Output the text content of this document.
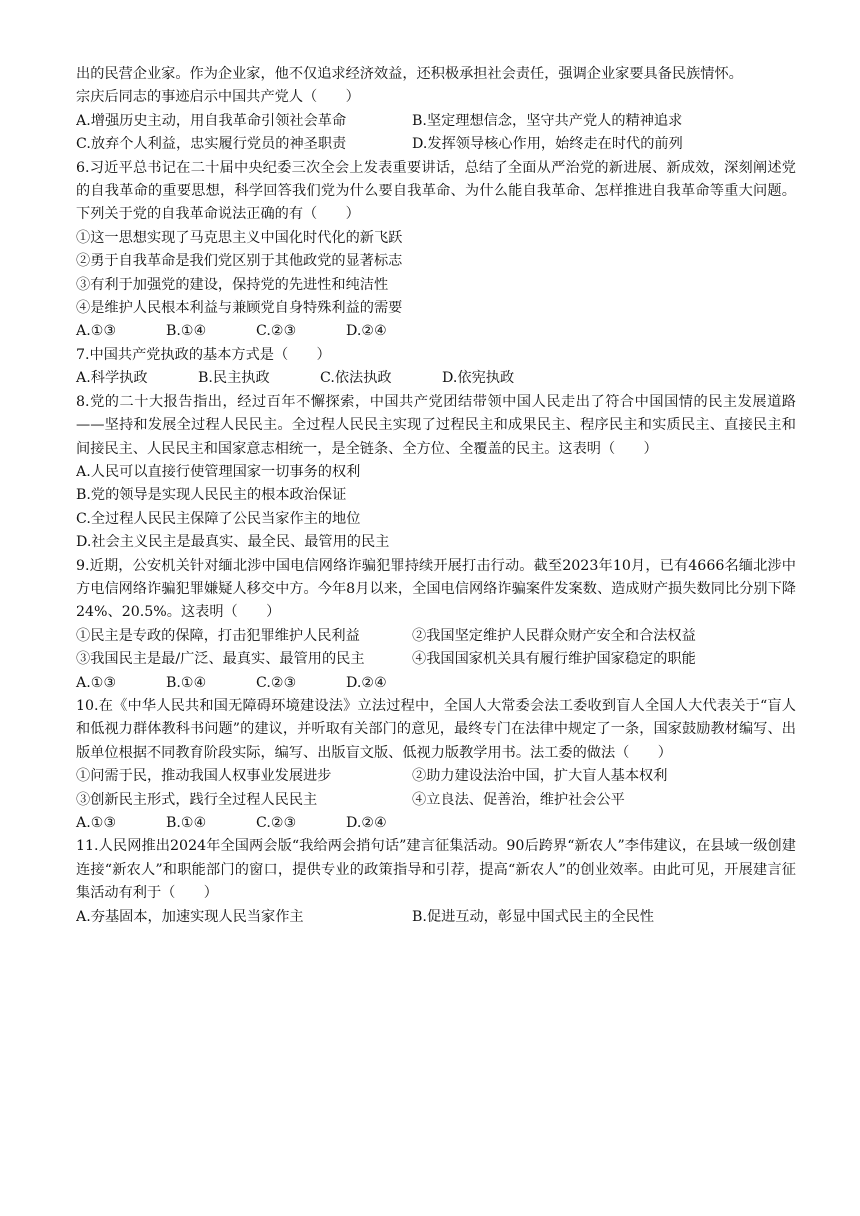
出的民营企业家。作为企业家，他不仅追求经济效益，还积极承担社会责任，强调企业家要具备民族情怀。

宗庆后同志的事迹启示中国共产党人（　　）

A.增强历史主动，用自我革命引领社会革命	B.坚定理想信念，坚守共产党人的精神追求
C.放弃个人利益，忠实履行党员的神圣职责	D.发挥领导核心作用，始终走在时代的前列

6.习近平总书记在二十届中央纪委三次全会上发表重要讲话，总结了全面从严治党的新进展、新成效，深刻阐述党的自我革命的重要思想，科学回答我们党为什么要自我革命、为什么能自我革命、怎样推进自我革命等重大问题。下列关于党的自我革命说法正确的有（　　）

①这一思想实现了马克思主义中国化时代化的新飞跃

②勇于自我革命是我们党区别于其他政党的显著标志

③有利于加强党的建设，保持党的先进性和纯洁性

④是维护人民根本利益与兼顾党自身特殊利益的需要

A.①③	B.①④	C.②③	D.②④

7.中国共产党执政的基本方式是（　　）

A.科学执政	B.民主执政	C.依法执政	D.依宪执政

8.党的二十大报告指出，经过百年不懈探索，中国共产党团结带领中国人民走出了符合中国国情的民主发展道路——坚持和发展全过程人民民主。全过程人民民主实现了过程民主和成果民主、程序民主和实质民主、直接民主和间接民主、人民民主和国家意志相统一，是全链条、全方位、全覆盖的民主。这表明（　　）

A.人民可以直接行使管理国家一切事务的权利

B.党的领导是实现人民民主的根本政治保证

C.全过程人民民主保障了公民当家作主的地位

D.社会主义民主是最真实、最全民、最管用的民主

9.近期，公安机关针对缅北涉中国电信网络诈骗犯罪持续开展打击行动。截至2023年10月，已有4666名缅北涉中方电信网络诈骗犯罪嫌疑人移交中方。今年8月以来，全国电信网络诈骗案件发案数、造成财产损失数同比分别下降24%、20.5%。这表明（　　）

①民主是专政的保障，打击犯罪维护人民利益	②我国坚定维护人民群众财产安全和合法权益
③我国民主是最/广泛、最真实、最管用的民主	④我国国家机关具有履行维护国家稳定的职能
A.①③	B.①④	C.②③	D.②④

10.在《中华人民共和国无障碍环境建设法》立法过程中，全国人大常委会法工委收到盲人全国人大代表关于“盲人和低视力群体教科书问题”的建议，并听取有关部门的意见，最终专门在法律中规定了一条，国家鼓励教材编写、出版单位根据不同教育阶段实际，编写、出版盲文版、低视力版教学用书。法工委的做法（　　）

①问需于民，推动我国人权事业发展进步	②助力建设法治中国，扩大盲人基本权利
③创新民主形式，践行全过程人民民主	④立良法、促善治，维护社会公平
A.①③	B.①④	C.②③	D.②④

11.人民网推出2024年全国两会版“我给两会捎句话”建言征集活动。90后跨界“新农人”李伟建议，在县域一级创建连接“新农人”和职能部门的窗口，提供专业的政策指导和引荐，提高“新农人”的创业效率。由此可见，开展建言征集活动有利于（　　）

A.夯基固本，加速实现人民当家作主	B.促进互动，彰显中国式民主的全民性
